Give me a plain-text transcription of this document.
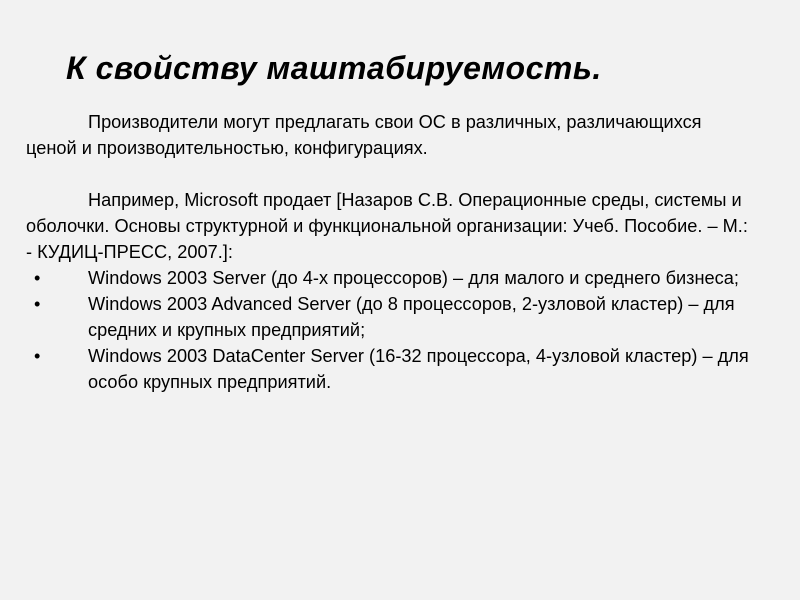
К свойству маштабируемость.

Производители могут предлагать свои ОС в различных, различающихся ценой и производительностью, конфигурациях.

Например, Microsoft продает [Назаров С.В. Операционные среды, системы и оболочки. Основы структурной и функциональной организации: Учеб. Пособие. – М.: - КУДИЦ-ПРЕСС, 2007.]:

•	Windows 2003 Server (до 4-х процессоров) – для малого и среднего бизнеса;
•	Windows 2003 Advanced Server (до 8 процессоров, 2-узловой кластер) – для средних и крупных предприятий;
•	Windows 2003 DataCenter Server (16-32 процессора, 4-узловой кластер) – для особо крупных предприятий.
